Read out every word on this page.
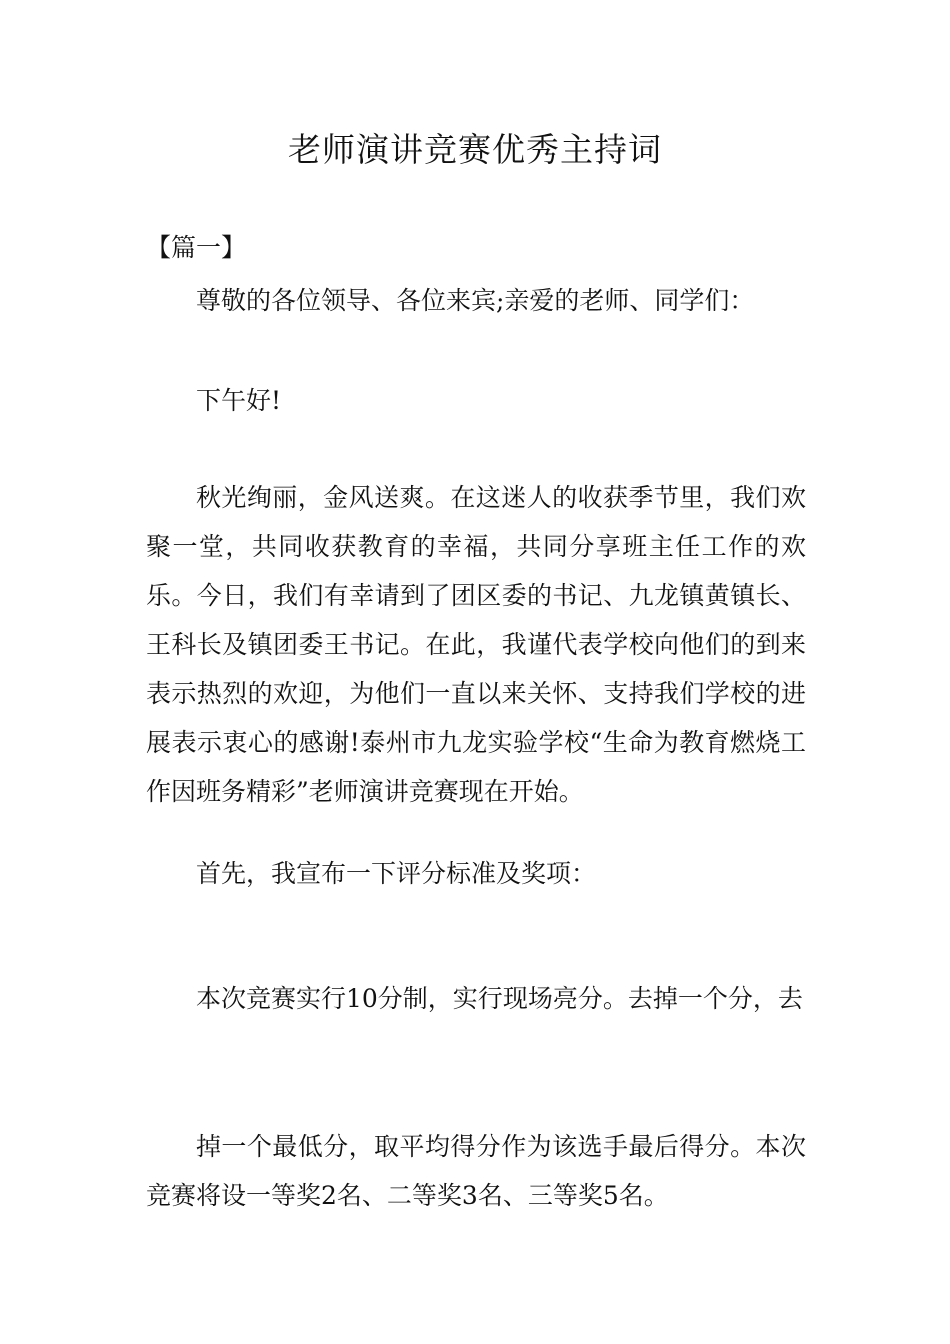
老师演讲竞赛优秀主持词

【篇一】

尊敬的各位领导、各位来宾;亲爱的老师、同学们：

下午好!

秋光绚丽，金风送爽。在这迷人的收获季节里，我们欢聚一堂，共同收获教育的幸福，共同分享班主任工作的欢乐。今日，我们有幸请到了团区委的书记、九龙镇黄镇长、王科长及镇团委王书记。在此，我谨代表学校向他们的到来表示热烈的欢迎，为他们一直以来关怀、支持我们学校的进展表示衷心的感谢!泰州市九龙实验学校“生命为教育燃烧工作因班务精彩”老师演讲竞赛现在开始。

首先，我宣布一下评分标准及奖项：

本次竞赛实行10分制，实行现场亮分。去掉一个分，去

掉一个最低分，取平均得分作为该选手最后得分。本次竞赛将设一等奖2名、二等奖3名、三等奖5名。
